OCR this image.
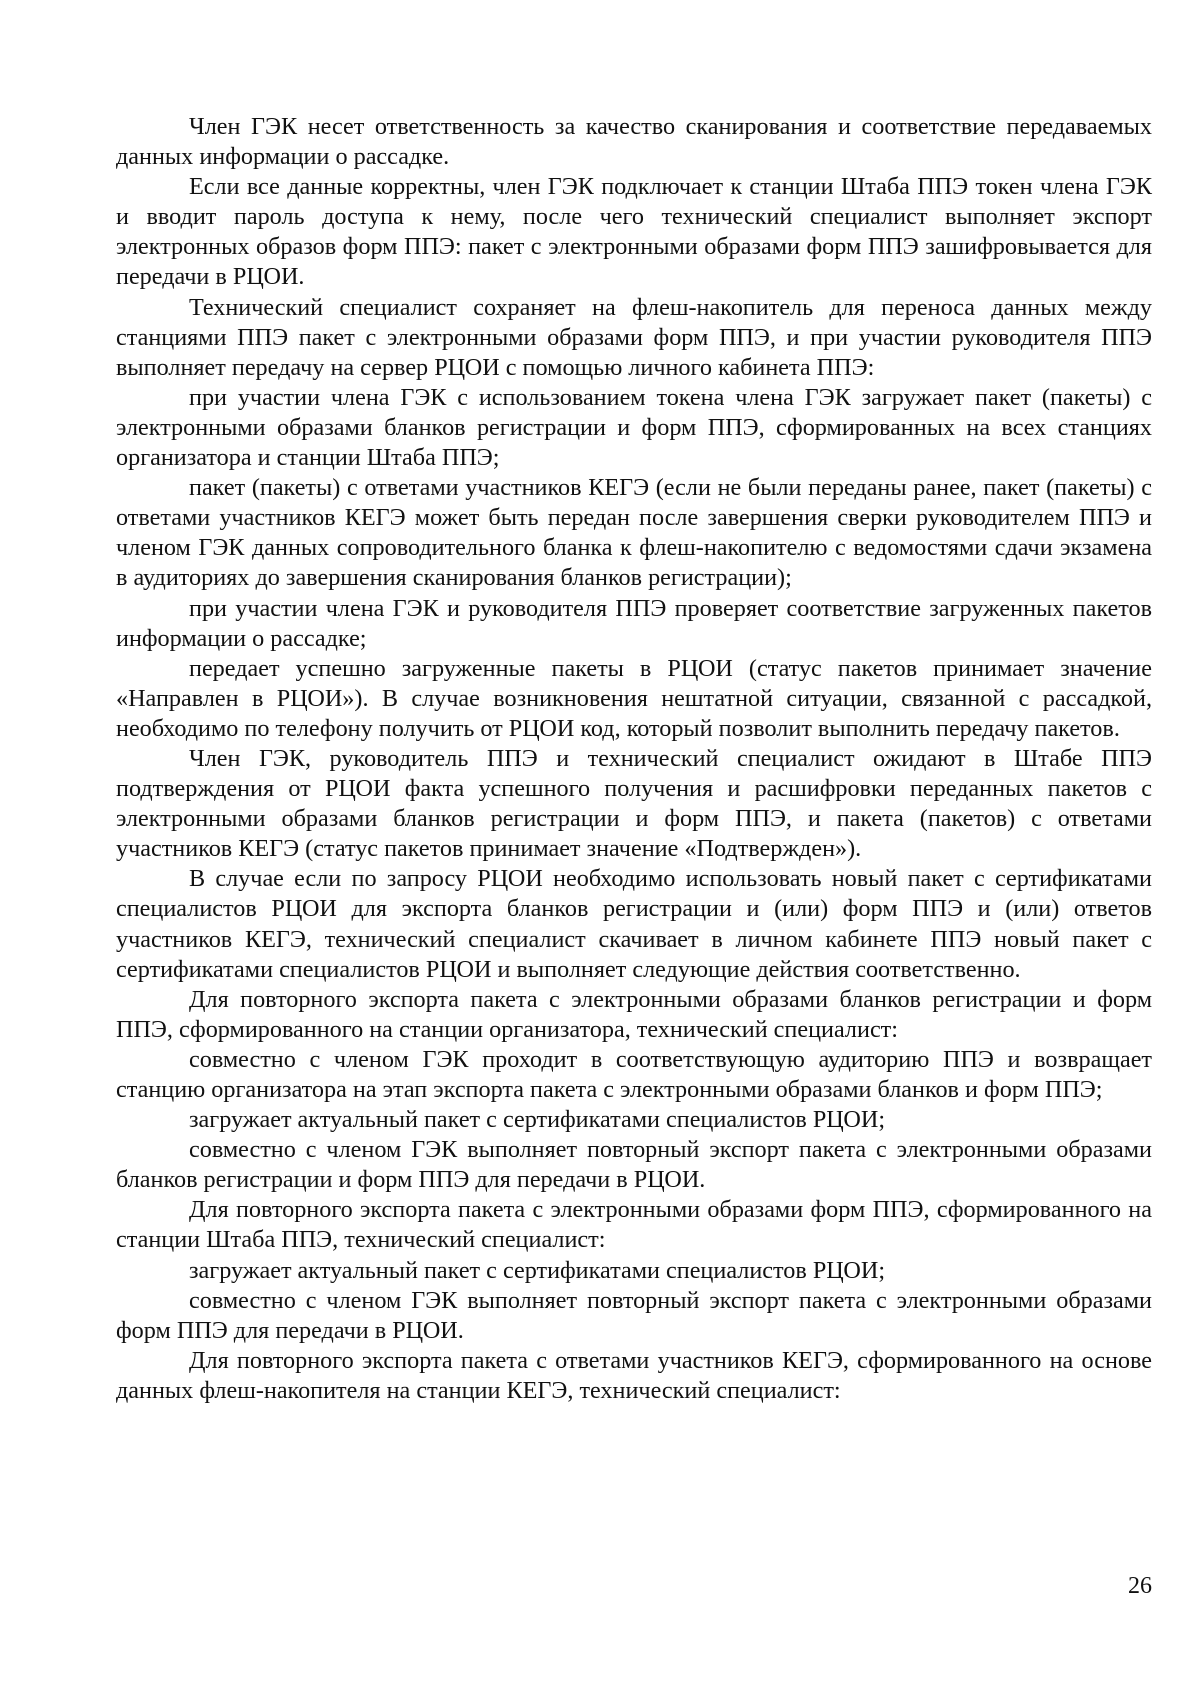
Член ГЭК несет ответственность за качество сканирования и соответствие передаваемых данных информации о рассадке.

Если все данные корректны, член ГЭК подключает к станции Штаба ППЭ токен члена ГЭК и вводит пароль доступа к нему, после чего технический специалист выполняет экспорт электронных образов форм ППЭ: пакет с электронными образами форм ППЭ зашифровывается для передачи в РЦОИ.

Технический специалист сохраняет на флеш-накопитель для переноса данных между станциями ППЭ пакет с электронными образами форм ППЭ, и при участии руководителя ППЭ выполняет передачу на сервер РЦОИ с помощью личного кабинета ППЭ:

при участии члена ГЭК с использованием токена члена ГЭК загружает пакет (пакеты) с электронными образами бланков регистрации и форм ППЭ, сформированных на всех станциях организатора и станции Штаба ППЭ;

пакет (пакеты) с ответами участников КЕГЭ (если не были переданы ранее, пакет (пакеты) с ответами участников КЕГЭ может быть передан после завершения сверки руководителем ППЭ и членом ГЭК данных сопроводительного бланка к флеш-накопителю с ведомостями сдачи экзамена в аудиториях до завершения сканирования бланков регистрации);

при участии члена ГЭК и руководителя ППЭ проверяет соответствие загруженных пакетов информации о рассадке;

передает успешно загруженные пакеты в РЦОИ (статус пакетов принимает значение «Направлен в РЦОИ»). В случае возникновения нештатной ситуации, связанной с рассадкой, необходимо по телефону получить от РЦОИ код, который позволит выполнить передачу пакетов.

Член ГЭК, руководитель ППЭ и технический специалист ожидают в Штабе ППЭ подтверждения от РЦОИ факта успешного получения и расшифровки переданных пакетов с электронными образами бланков регистрации и форм ППЭ, и пакета (пакетов) с ответами участников КЕГЭ (статус пакетов принимает значение «Подтвержден»).

В случае если по запросу РЦОИ необходимо использовать новый пакет с сертификатами специалистов РЦОИ для экспорта бланков регистрации и (или) форм ППЭ и (или) ответов участников КЕГЭ, технический специалист скачивает в личном кабинете ППЭ новый пакет с сертификатами специалистов РЦОИ и выполняет следующие действия соответственно.

Для повторного экспорта пакета с электронными образами бланков регистрации и форм ППЭ, сформированного на станции организатора, технический специалист:

совместно с членом ГЭК проходит в соответствующую аудиторию ППЭ и возвращает станцию организатора на этап экспорта пакета с электронными образами бланков и форм ППЭ;

загружает актуальный пакет с сертификатами специалистов РЦОИ;

совместно с членом ГЭК выполняет повторный экспорт пакета с электронными образами бланков регистрации и форм ППЭ для передачи в РЦОИ.

Для повторного экспорта пакета с электронными образами форм ППЭ, сформированного на станции Штаба ППЭ, технический специалист:

загружает актуальный пакет с сертификатами специалистов РЦОИ;

совместно с членом ГЭК выполняет повторный экспорт пакета с электронными образами форм ППЭ для передачи в РЦОИ.

Для повторного экспорта пакета с ответами участников КЕГЭ, сформированного на основе данных флеш-накопителя на станции КЕГЭ, технический специалист:

26
